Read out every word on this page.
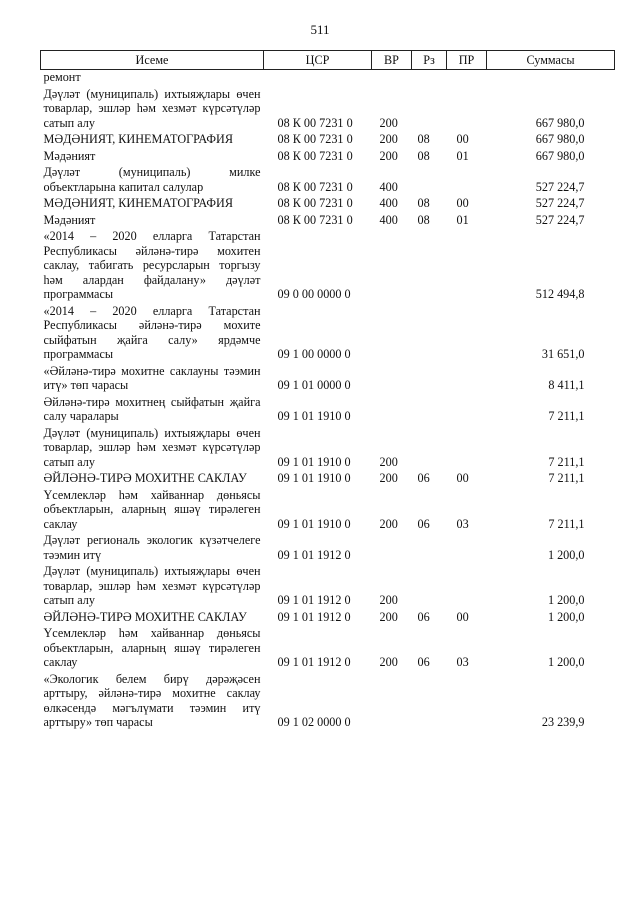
511
Исеме	ЦСР	ВР	Рз	ПР	Суммасы
ремонт					
Дәүләт (муниципаль) ихтыяҗлары өчен товарлар, эшләр һәм хезмәт күрсәтүләр сатып алу	08 К 00 7231 0	200			667 980,0
МӘДӘНИЯТ, КИНЕМАТОГРАФИЯ	08 К 00 7231 0	200	08	00	667 980,0
Мәдәният	08 К 00 7231 0	200	08	01	667 980,0
Дәүләт (муниципаль) милке объектларына капитал салулар	08 К 00 7231 0	400			527 224,7
МӘДӘНИЯТ, КИНЕМАТОГРАФИЯ	08 К 00 7231 0	400	08	00	527 224,7
Мәдәният	08 К 00 7231 0	400	08	01	527 224,7
«2014 – 2020 елларга Татарстан Республикасы әйләнә-тирә мохитен саклау, табигать ресурсларын торгызу һәм алардан файдалану» дәүләт программасы	09 0 00 0000 0				512 494,8
«2014 – 2020 елларга Татарстан Республикасы әйләнә-тирә мохите сыйфатын җайга салу» ярдәмче программасы	09 1 00 0000 0				31 651,0
«Әйләнә-тирә мохитне саклауны тәэмин итү» төп чарасы	09 1 01 0000 0				8 411,1
Әйләнә-тирә мохитнең сыйфатын җайга салу чаралары	09 1 01 1910 0				7 211,1
Дәүләт (муниципаль) ихтыяҗлары өчен товарлар, эшләр һәм хезмәт күрсәтүләр сатып алу	09 1 01 1910 0	200			7 211,1
ӘЙЛӘНӘ-ТИРӘ МОХИТНЕ САКЛАУ	09 1 01 1910 0	200	06	00	7 211,1
Үсемлекләр һәм хайваннар дөньясы объектларын, аларның яшәү тирәлеген саклау	09 1 01 1910 0	200	06	03	7 211,1
Дәүләт региональ экологик күзәтчелеге тәэмин итү	09 1 01 1912 0				1 200,0
Дәүләт (муниципаль) ихтыяҗлары өчен товарлар, эшләр һәм хезмәт күрсәтүләр сатып алу	09 1 01 1912 0	200			1 200,0
ӘЙЛӘНӘ-ТИРӘ МОХИТНЕ САКЛАУ	09 1 01 1912 0	200	06	00	1 200,0
Үсемлекләр һәм хайваннар дөньясы объектларын, аларның яшәү тирәлеген саклау	09 1 01 1912 0	200	06	03	1 200,0
«Экологик белем бирү дәрәҗәсен арттыру, әйләнә-тирә мохитне саклау өлкәсендә мәгълүмати тәэмин итү арттыру» төп чарасы	09 1 02 0000 0				23 239,9
